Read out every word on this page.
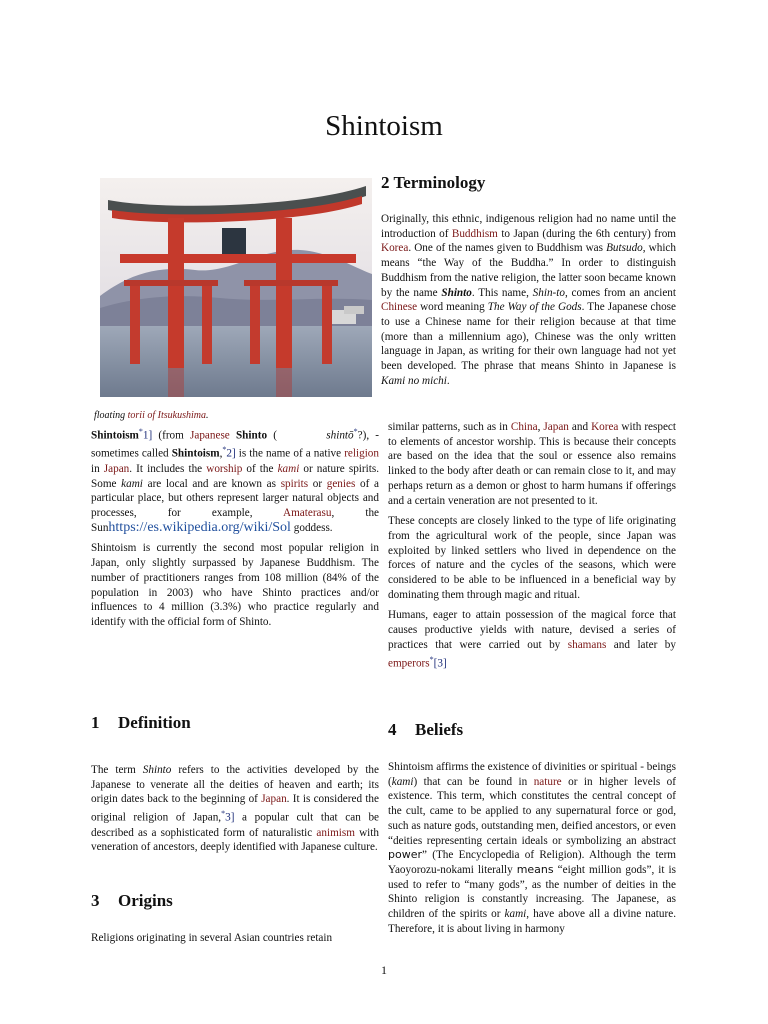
Shintoism
floating torii of Itsukushima.

Shintoism*1] (from Japanese Shinto (	shintō*?), - sometimes called Shintoism,*2] is the name of a native religion in Japan. It includes the worship of the kami or nature spirits. Some kami are local and are known as spirits or genies of a particular place, but others represent larger natural objects and processes, for example, Amaterasu, the Sunhttps://es.wikipedia.org/wiki/Sol goddess.

Shintoism is currently the second most popular religion in Japan, only slightly surpassed by Japanese Buddhism. The number of practitioners ranges from 108 million (84% of the population in 2003) who have Shinto practices and/or influences to 4 million (3.3%) who practice regularly and identify with the official form of Shinto.

1 Definition

The term Shinto refers to the activities developed by the Japanese to venerate all the deities of heaven and earth; its origin dates back to the beginning of Japan. It is considered the original religion of Japan,*3] a popular cult that can be described as a sophisticated form of naturalistic animism with veneration of ancestors, deeply identified with Japanese culture.

3 Origins

Religions originating in several Asian countries retain

2 Terminology

Originally, this ethnic, indigenous religion had no name until the introduction of Buddhism to Japan (during the 6th century) from Korea. One of the names given to Buddhism was Butsudo, which means “the Way of the Buddha.” In order to distinguish Buddhism from the native religion, the latter soon became known by the name Shinto. This name, Shin-to, comes from an ancient Chinese word meaning The Way of the Gods. The Japanese chose to use a Chinese name for their religion because at that time (more than a millennium ago), Chinese was the only written language in Japan, as writing for their own language had not yet been developed. The phrase that means Shinto in Japanese is Kami no michi.

similar patterns, such as in China, Japan and Korea with respect to elements of ancestor worship. This is because their concepts are based on the idea that the soul or essence also remains linked to the body after death or can remain close to it, and may perhaps return as a demon or ghost to harm humans if offerings and a certain veneration are not presented to it.

These concepts are closely linked to the type of life originating from the agricultural work of the people, since Japan was exploited by linked settlers who lived in dependence on the forces of nature and the cycles of the seasons, which were considered to be able to be influenced in a beneficial way by dominating them through magic and ritual.

Humans, eager to attain possession of the magical force that causes productive yields with nature, devised a series of practices that were carried out by shamans and later by emperors*[3]

4 Beliefs

Shintoism affirms the existence of divinities or spiritual - beings (kami) that can be found in nature or in higher levels of existence. This term, which constitutes the central concept of the cult, came to be applied to any supernatural force or god, such as nature gods, outstanding men, deified ancestors, or even “deities representing certain ideals or symbolizing an abstract power” (The Encyclopedia of Religion). Although the term Yaoyorozu-nokami literally means “eight million gods”, it is used to refer to “many gods”, as the number of deities in the Shinto religion is constantly increasing. The Japanese, as children of the spirits or kami, have above all a divine nature. Therefore, it is about living in harmony

1
